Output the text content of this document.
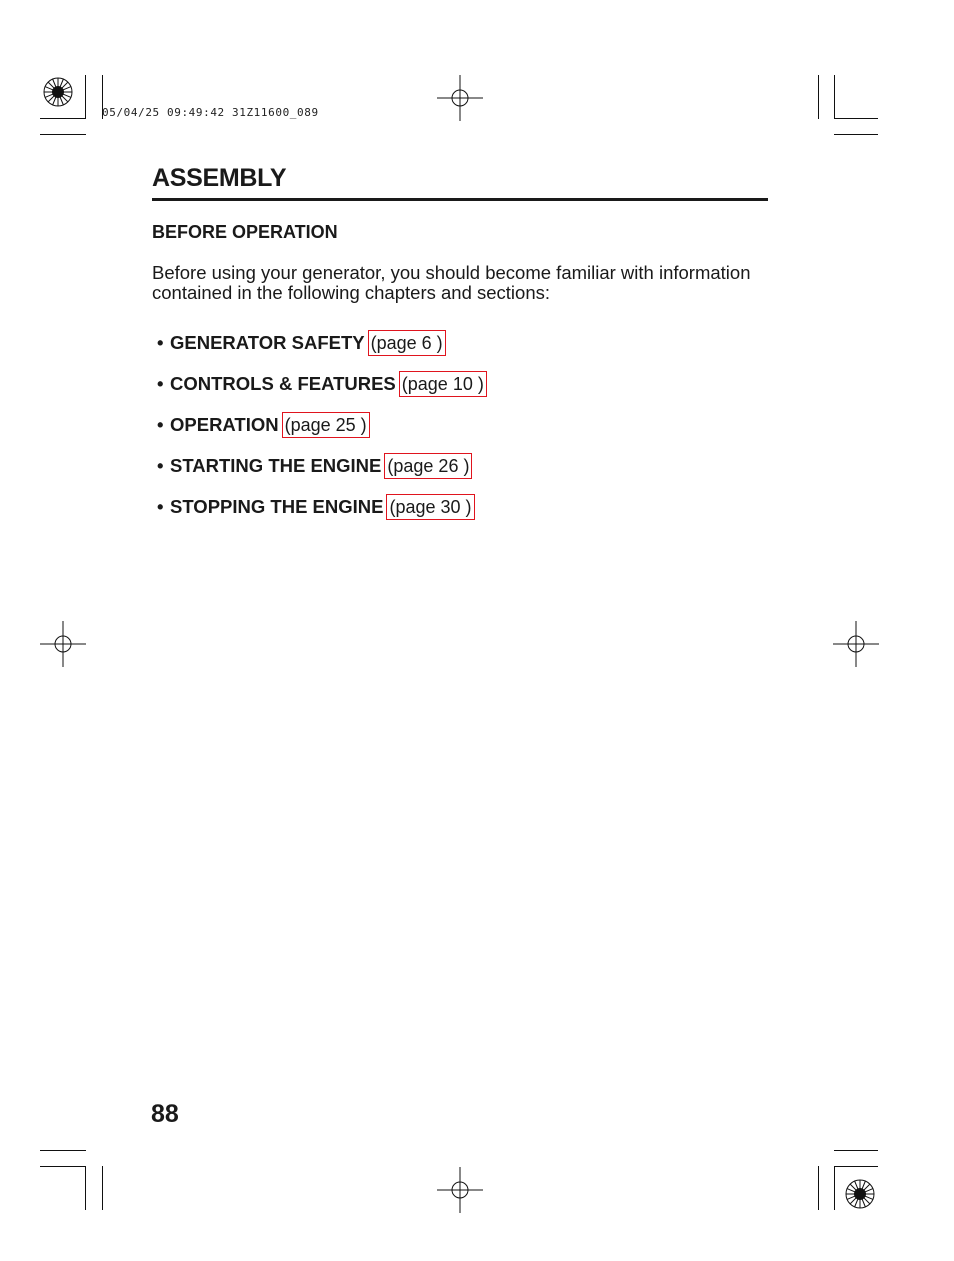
05/04/25 09:49:42 31Z11600_089
ASSEMBLY
BEFORE OPERATION

Before using your generator, you should become familiar with information contained in the following chapters and sections:

• GENERATOR SAFETY (page 6 )
• CONTROLS & FEATURES (page 10 )
• OPERATION (page 25 )
• STARTING THE ENGINE (page 26 )
• STOPPING THE ENGINE (page 30 )
88
